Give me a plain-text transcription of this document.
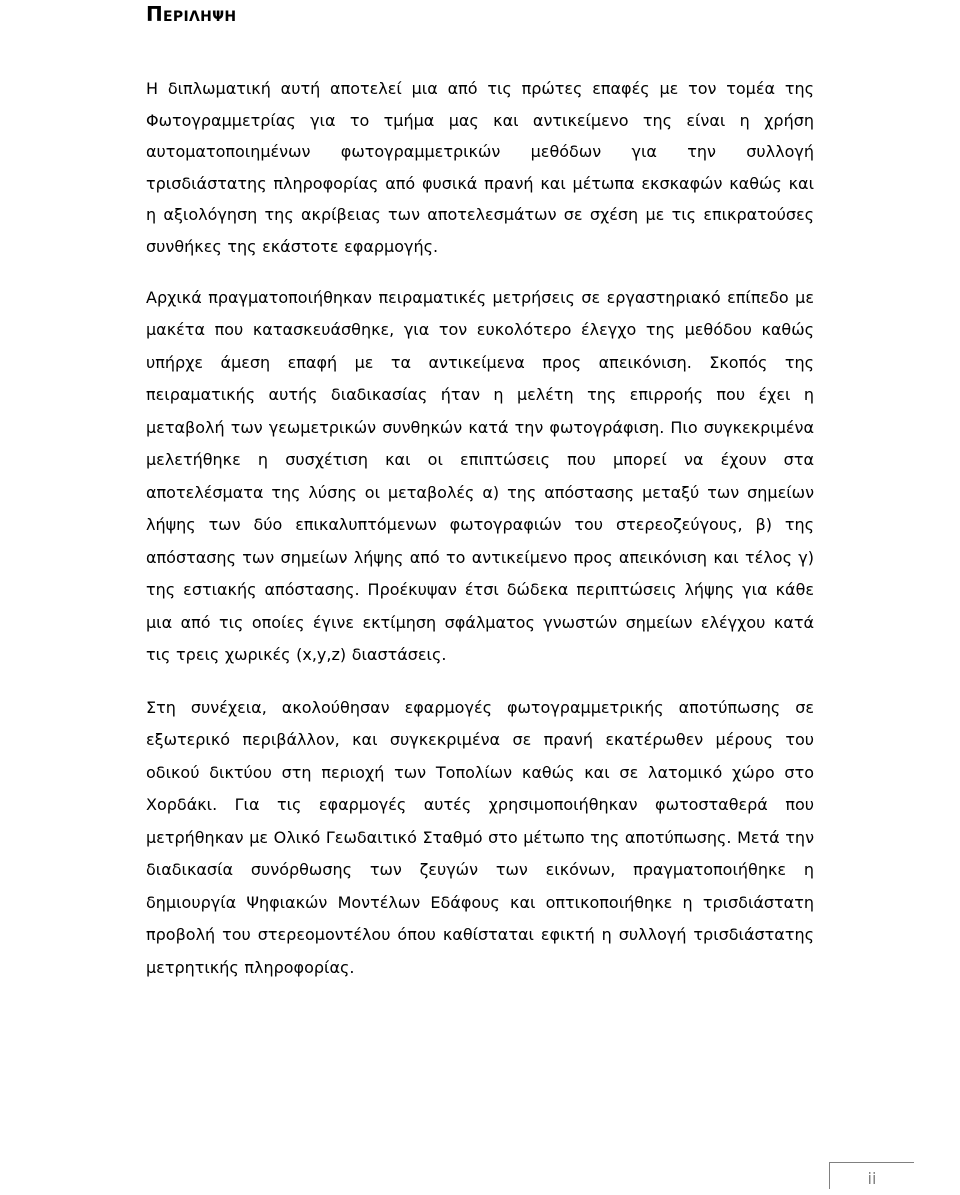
Περιληψη

Η διπλωματική αυτή αποτελεί μια από τις πρώτες επαφές με τον τομέα της Φωτογραμμετρίας για το τμήμα μας και αντικείμενο της είναι η χρήση αυτοματοποιημένων φωτογραμμετρικών μεθόδων για την συλλογή τρισδιάστατης πληροφορίας από φυσικά πρανή και μέτωπα εκσκαφών καθώς και η αξιολόγηση της ακρίβειας των αποτελεσμάτων σε σχέση με τις επικρατούσες συνθήκες της εκάστοτε εφαρμογής.

Αρχικά πραγματοποιήθηκαν πειραματικές μετρήσεις σε εργαστηριακό επίπεδο με μακέτα που κατασκευάσθηκε, για τον ευκολότερο έλεγχο της μεθόδου καθώς υπήρχε άμεση επαφή με τα αντικείμενα προς απεικόνιση. Σκοπός της πειραματικής αυτής διαδικασίας ήταν η μελέτη της επιρροής που έχει η μεταβολή των γεωμετρικών συνθηκών κατά την φωτογράφιση. Πιο συγκεκριμένα μελετήθηκε η συσχέτιση και οι επιπτώσεις που μπορεί να έχουν στα αποτελέσματα της λύσης οι μεταβολές α) της απόστασης μεταξύ των σημείων λήψης των δύο επικαλυπτόμενων φωτογραφιών του στερεοζεύγους, β) της απόστασης των σημείων λήψης από το αντικείμενο προς απεικόνιση και τέλος γ) της εστιακής απόστασης. Προέκυψαν έτσι δώδεκα περιπτώσεις λήψης για κάθε μια από τις οποίες έγινε εκτίμηση σφάλματος γνωστών σημείων ελέγχου κατά τις τρεις χωρικές (x,y,z) διαστάσεις.

Στη συνέχεια, ακολούθησαν εφαρμογές φωτογραμμετρικής αποτύπωσης σε εξωτερικό περιβάλλον, και συγκεκριμένα σε πρανή εκατέρωθεν μέρους του οδικού δικτύου στη περιοχή των Τοπολίων καθώς και σε λατομικό χώρο στο Χορδάκι. Για τις εφαρμογές αυτές χρησιμοποιήθηκαν φωτοσταθερά που μετρήθηκαν με Ολικό Γεωδαιτικό Σταθμό στο μέτωπο της αποτύπωσης. Μετά την διαδικασία συνόρθωσης των ζευγών των εικόνων, πραγματοποιήθηκε η δημιουργία Ψηφιακών Μοντέλων Εδάφους και οπτικοποιήθηκε η τρισδιάστατη προβολή του στερεομοντέλου όπου καθίσταται εφικτή η συλλογή τρισδιάστατης μετρητικής πληροφορίας.

ii
